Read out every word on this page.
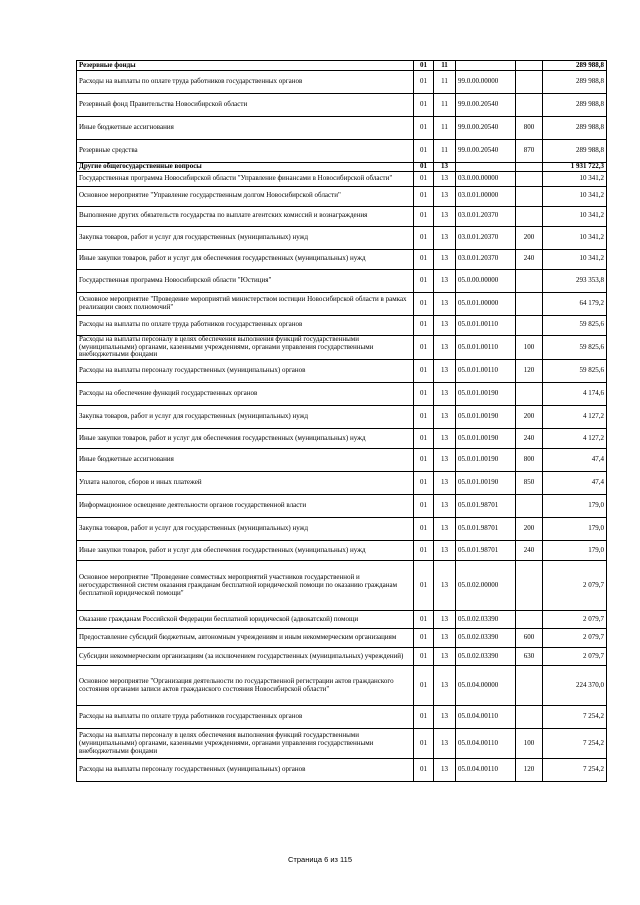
Резервные фонды	01	11			289 988,8
Расходы на выплаты по оплате труда работников государственных органов	01	11	99.0.00.00000		289 988,8
Резервный фонд Правительства Новосибирской области	01	11	99.0.00.20540		289 988,8
Иные бюджетные ассигнования	01	11	99.0.00.20540	800	289 988,8
Резервные средства	01	11	99.0.00.20540	870	289 988,8
Другие общегосударственные вопросы	01	13			1 931 722,3
Государственная программа Новосибирской области "Управление финансами в Новосибирской области"	01	13	03.0.00.00000		10 341,2
Основное мероприятие "Управление государственным долгом Новосибирской области"	01	13	03.0.01.00000		10 341,2
Выполнение других обязательств государства по выплате агентских комиссий и вознаграждения	01	13	03.0.01.20370		10 341,2
Закупка товаров, работ и услуг для государственных (муниципальных) нужд	01	13	03.0.01.20370	200	10 341,2
Иные закупки товаров, работ и услуг для обеспечения государственных (муниципальных) нужд	01	13	03.0.01.20370	240	10 341,2
Государственная программа Новосибирской области "Юстиция"	01	13	05.0.00.00000		293 353,8
Основное мероприятие "Проведение мероприятий министерством юстиции Новосибирской области в рамках реализации своих полномочий"	01	13	05.0.01.00000		64 179,2
Расходы на выплаты по оплате труда работников государственных органов	01	13	05.0.01.00110		59 825,6
Расходы на выплаты персоналу в целях обеспечения выполнения функций государственными (муниципальными) органами, казенными учреждениями, органами управления государственными внебюджетными фондами	01	13	05.0.01.00110	100	59 825,6
Расходы на выплаты персоналу государственных (муниципальных) органов	01	13	05.0.01.00110	120	59 825,6
Расходы на обеспечение функций государственных органов	01	13	05.0.01.00190		4 174,6
Закупка товаров, работ и услуг для государственных (муниципальных) нужд	01	13	05.0.01.00190	200	4 127,2
Иные закупки товаров, работ и услуг для обеспечения государственных (муниципальных) нужд	01	13	05.0.01.00190	240	4 127,2
Иные бюджетные ассигнования	01	13	05.0.01.00190	800	47,4
Уплата налогов, сборов и иных платежей	01	13	05.0.01.00190	850	47,4
Информационное освещение деятельности органов государственной власти	01	13	05.0.01.98701		179,0
Закупка товаров, работ и услуг для государственных (муниципальных) нужд	01	13	05.0.01.98701	200	179,0
Иные закупки товаров, работ и услуг для обеспечения государственных (муниципальных) нужд	01	13	05.0.01.98701	240	179,0
Основное мероприятие "Проведение совместных мероприятий участников государственной и негосударственной систем оказания гражданам бесплатной юридической помощи по оказанию гражданам бесплатной юридической помощи"	01	13	05.0.02.00000		2 079,7
Оказание гражданам Российской Федерации бесплатной юридической (адвокатской) помощи	01	13	05.0.02.03390		2 079,7
Предоставление субсидий бюджетным, автономным учреждениям и иным некоммерческим организациям	01	13	05.0.02.03390	600	2 079,7
Субсидии некоммерческим организациям (за исключением государственных (муниципальных) учреждений)	01	13	05.0.02.03390	630	2 079,7
Основное мероприятие "Организация деятельности по государственной регистрации актов гражданского состояния органами записи актов гражданского состояния Новосибирской области"	01	13	05.0.04.00000		224 370,0
Расходы на выплаты по оплате труда работников государственных органов	01	13	05.0.04.00110		7 254,2
Расходы на выплаты персоналу в целях обеспечения выполнения функций государственными (муниципальными) органами, казенными учреждениями, органами управления государственными внебюджетными фондами	01	13	05.0.04.00110	100	7 254,2
Расходы на выплаты персоналу государственных (муниципальных) органов	01	13	05.0.04.00110	120	7 254,2
Страница 6 из 115
